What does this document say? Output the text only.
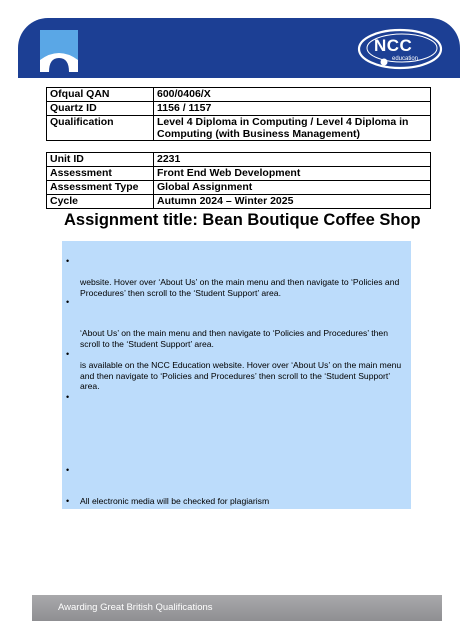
NCC
education
Ofqual QAN	600/0406/X
Quartz ID	1156 / 1157
Qualification	Level 4 Diploma in Computing / Level 4 Diploma in Computing (with Business Management)
Unit ID	2231
Assessment	Front End Web Development
Assessment Type	Global Assignment
Cycle	Autumn 2024 – Winter 2025
Assignment title: Bean Boutique Coffee Shop
•
website. Hover over ‘About Us’ on the main menu and then navigate to ‘Policies and Procedures’ then scroll to the ‘Student Support’ area.
•
‘About Us’ on the main menu and then navigate to ‘Policies and Procedures’ then scroll to the ‘Student Support’ area.
•
is available on the NCC Education website. Hover over ‘About Us’ on the main menu and then navigate to ‘Policies and Procedures’ then scroll to the ‘Student Support’ area.
•
•
• All electronic media will be checked for plagiarism
Awarding Great British Qualifications
